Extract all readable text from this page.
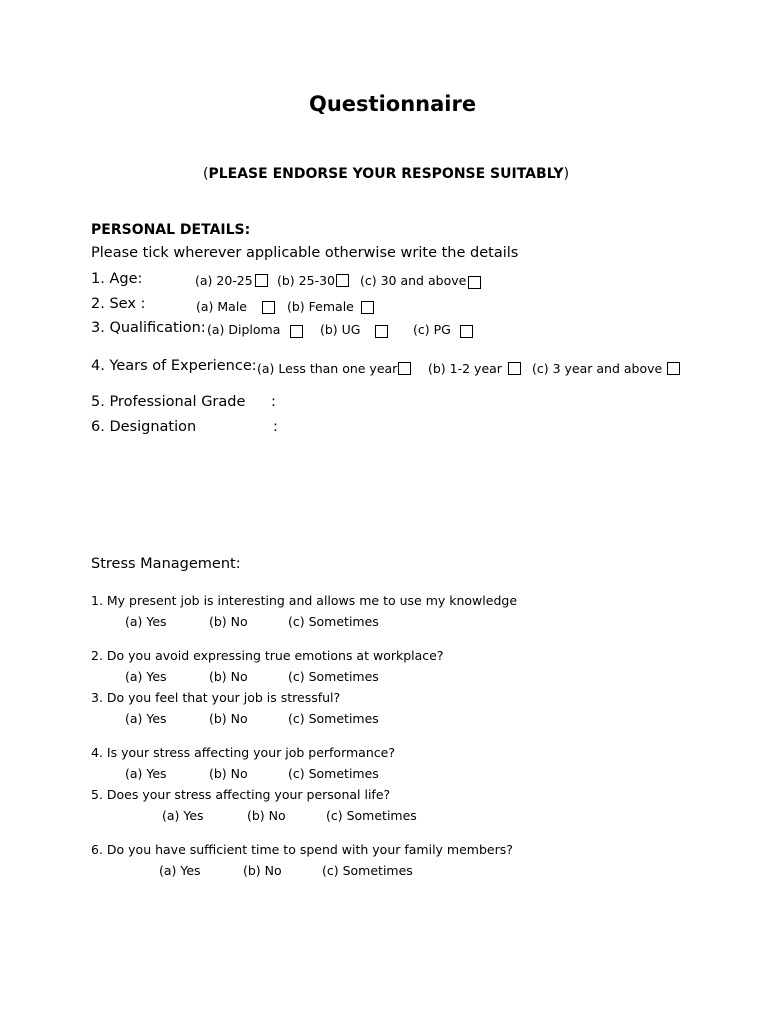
Questionnaire
(PLEASE ENDORSE YOUR RESPONSE SUITABLY)
PERSONAL DETAILS:
Please tick wherever applicable otherwise write the details
1. Age:	(a) 20-25 (b) 25-30 (c) 30 and above
2. Sex :	(a) Male	(b) Female
3. Qualification: (a) Diploma	(b) UG	(c) PG
4. Years of Experience: (a) Less than one year (b) 1-2 year (c) 3 year and above
5. Professional Grade :
6. Designation	:
Stress Management:
1. My present job is interesting and allows me to use my knowledge
(a) Yes	(b) No	(c) Sometimes
2. Do you avoid expressing true emotions at workplace?
(a) Yes	(b) No	(c) Sometimes
3. Do you feel that your job is stressful?
(a) Yes	(b) No	(c) Sometimes
4. Is your stress affecting your job performance?
(a) Yes	(b) No	(c) Sometimes
5. Does your stress affecting your personal life?
(a) Yes	(b) No	(c) Sometimes
6. Do you have sufficient time to spend with your family members?
(a) Yes	(b) No	(c) Sometimes
